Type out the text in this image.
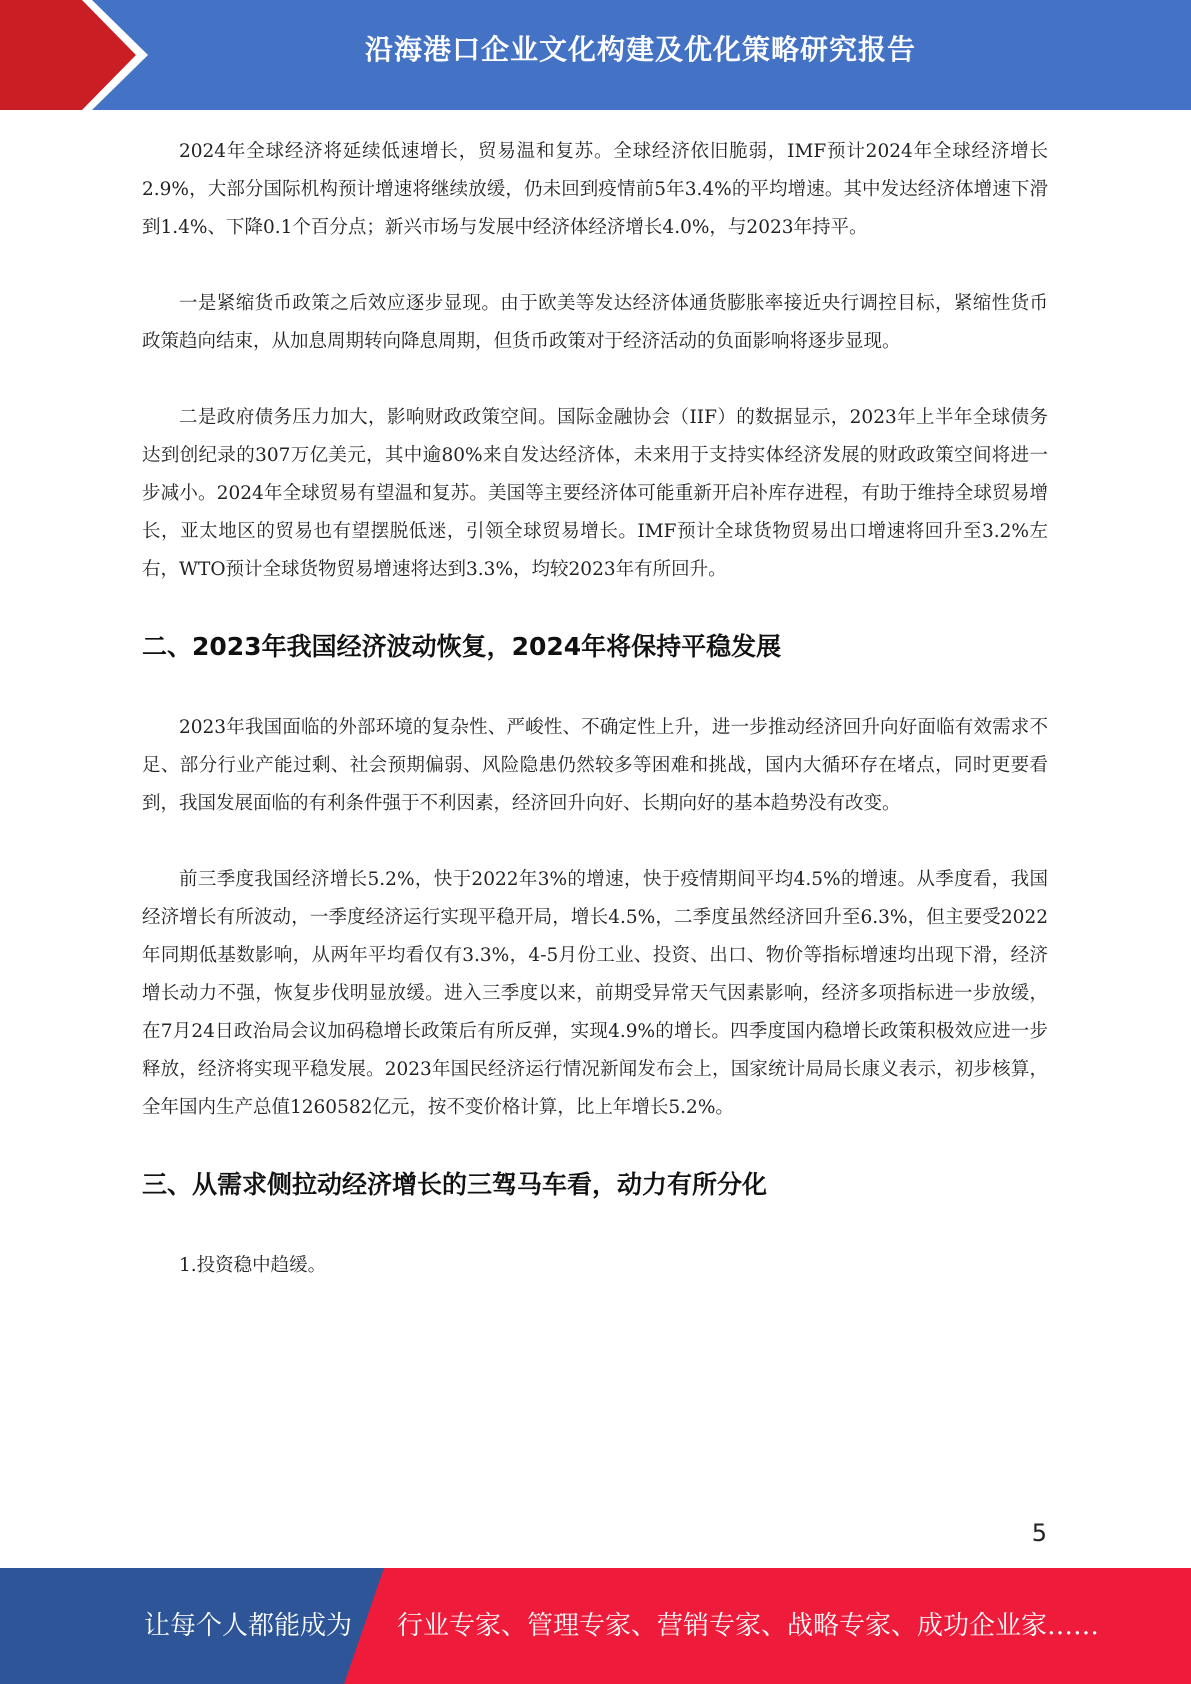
沿海港口企业文化构建及优化策略研究报告

2024年全球经济将延续低速增长，贸易温和复苏。全球经济依旧脆弱，IMF预计2024年全球经济增长2.9%，大部分国际机构预计增速将继续放缓，仍未回到疫情前5年3.4%的平均增速。其中发达经济体增速下滑到1.4%、下降0.1个百分点；新兴市场与发展中经济体经济增长4.0%，与2023年持平。

一是紧缩货币政策之后效应逐步显现。由于欧美等发达经济体通货膨胀率接近央行调控目标，紧缩性货币政策趋向结束，从加息周期转向降息周期，但货币政策对于经济活动的负面影响将逐步显现。

二是政府债务压力加大，影响财政政策空间。国际金融协会（IIF）的数据显示，2023年上半年全球债务达到创纪录的307万亿美元，其中逾80%来自发达经济体，未来用于支持实体经济发展的财政政策空间将进一步减小。2024年全球贸易有望温和复苏。美国等主要经济体可能重新开启补库存进程，有助于维持全球贸易增长，亚太地区的贸易也有望摆脱低迷，引领全球贸易增长。IMF预计全球货物贸易出口增速将回升至3.2%左右，WTO预计全球货物贸易增速将达到3.3%，均较2023年有所回升。

二、2023年我国经济波动恢复，2024年将保持平稳发展

2023年我国面临的外部环境的复杂性、严峻性、不确定性上升，进一步推动经济回升向好面临有效需求不足、部分行业产能过剩、社会预期偏弱、风险隐患仍然较多等困难和挑战，国内大循环存在堵点，同时更要看到，我国发展面临的有利条件强于不利因素，经济回升向好、长期向好的基本趋势没有改变。

前三季度我国经济增长5.2%，快于2022年3%的增速，快于疫情期间平均4.5%的增速。从季度看，我国经济增长有所波动，一季度经济运行实现平稳开局，增长4.5%，二季度虽然经济回升至6.3%，但主要受2022年同期低基数影响，从两年平均看仅有3.3%，4-5月份工业、投资、出口、物价等指标增速均出现下滑，经济增长动力不强，恢复步伐明显放缓。进入三季度以来，前期受异常天气因素影响，经济多项指标进一步放缓，在7月24日政治局会议加码稳增长政策后有所反弹，实现4.9%的增长。四季度国内稳增长政策积极效应进一步释放，经济将实现平稳发展。2023年国民经济运行情况新闻发布会上，国家统计局局长康义表示，初步核算，全年国内生产总值1260582亿元，按不变价格计算，比上年增长5.2%。

三、从需求侧拉动经济增长的三驾马车看，动力有所分化

1.投资稳中趋缓。

5
让每个人都能成为 行业专家、管理专家、营销专家、战略专家、成功企业家……
